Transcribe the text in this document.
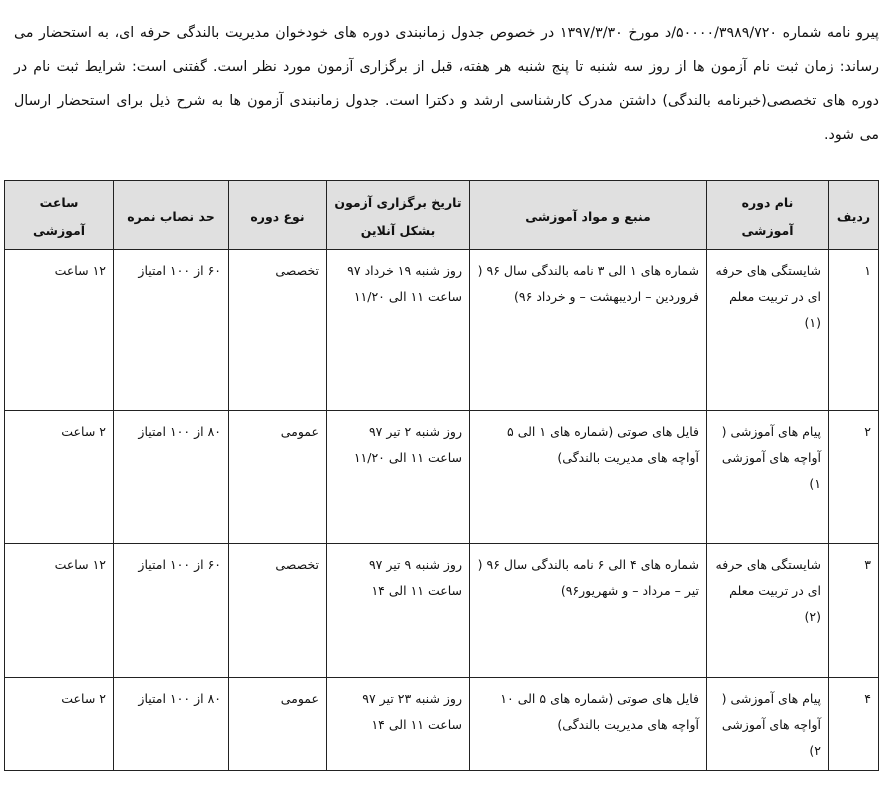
پیرو نامه شماره ۵۰۰۰۰/۳۹۸۹/۷۲۰/د مورخ ۱۳۹۷/۳/۳۰ در خصوص جدول زمانبندی دوره های خودخوان مدیریت بالندگی حرفه ای، به استحضار می رساند: زمان ثبت نام آزمون ها از روز سه شنبه تا پنج شنبه هر هفته، قبل از برگزاری آزمون مورد نظر است. گفتنی است: شرایط ثبت نام در دوره های تخصصی(خبرنامه بالندگی) داشتن مدرک کارشناسی ارشد و دکترا است. جدول زمانبندی آزمون ها به شرح ذیل برای استحضار ارسال می شود.

ردیف	نام دوره آموزشی	منبع و مواد آموزشی	تاریخ برگزاری آزمون بشکل آنلاین	نوع دوره	حد نصاب نمره	ساعت آموزشی
۱	شایستگی های حرفه ای در تربیت معلم (۱)	شماره های ۱ الی ۳ نامه بالندگی سال ۹۶ ( فروردین – اردیبهشت – و خرداد ۹۶)	روز شنبه ۱۹ خرداد ۹۷ ساعت ۱۱ الی ۱۱/۲۰	تخصصی	۶۰ از ۱۰۰ امتیاز	۱۲ ساعت
۲	پیام های آموزشی ( آواچه های آموزشی ۱)	فایل های صوتی (شماره های ۱ الی ۵ آواچه های مدیریت بالندگی)	روز شنبه ۲ تیر ۹۷ ساعت ۱۱ الی ۱۱/۲۰	عمومی	۸۰ از ۱۰۰ امتیاز	۲ ساعت
۳	شایستگی های حرفه ای در تربیت معلم (۲)	شماره های ۴ الی ۶ نامه بالندگی سال ۹۶ ( تیر – مرداد – و شهریور۹۶)	روز شنبه ۹ تیر ۹۷ ساعت ۱۱ الی ۱۴	تخصصی	۶۰ از ۱۰۰ امتیاز	۱۲ ساعت
۴	پیام های آموزشی ( آواچه های آموزشی ۲)	فایل های صوتی (شماره های ۵ الی ۱۰ آواچه های مدیریت بالندگی)	روز شنبه ۲۳ تیر ۹۷ ساعت ۱۱ الی ۱۴	عمومی	۸۰ از ۱۰۰ امتیاز	۲ ساعت
